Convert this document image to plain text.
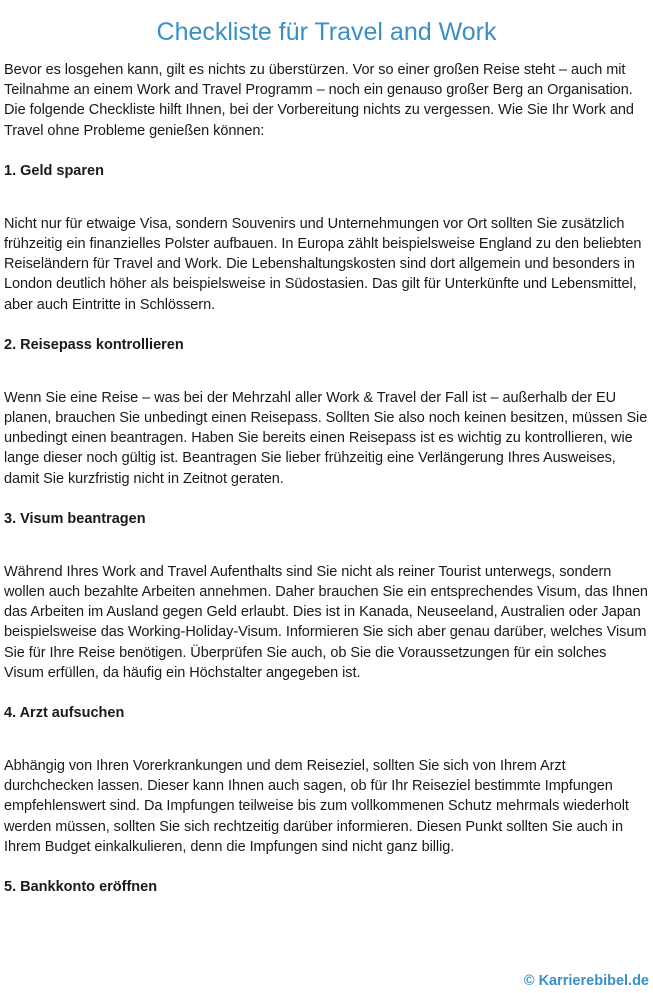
Checkliste für Travel and Work

Bevor es losgehen kann, gilt es nichts zu überstürzen. Vor so einer großen Reise steht – auch mit Teilnahme an einem Work and Travel Programm – noch ein genauso großer Berg an Organisation. Die folgende Checkliste hilft Ihnen, bei der Vorbereitung nichts zu vergessen. Wie Sie Ihr Work and Travel ohne Probleme genießen können:

1. Geld sparen

Nicht nur für etwaige Visa, sondern Souvenirs und Unternehmungen vor Ort sollten Sie zusätzlich frühzeitig ein finanzielles Polster aufbauen. In Europa zählt beispielsweise England zu den beliebten Reiseländern für Travel and Work. Die Lebenshaltungskosten sind dort allgemein und besonders in London deutlich höher als beispielsweise in Südostasien. Das gilt für Unterkünfte und Lebensmittel, aber auch Eintritte in Schlössern.

2. Reisepass kontrollieren

Wenn Sie eine Reise – was bei der Mehrzahl aller Work & Travel der Fall ist – außerhalb der EU planen, brauchen Sie unbedingt einen Reisepass. Sollten Sie also noch keinen besitzen, müssen Sie unbedingt einen beantragen. Haben Sie bereits einen Reisepass ist es wichtig zu kontrollieren, wie lange dieser noch gültig ist. Beantragen Sie lieber frühzeitig eine Verlängerung Ihres Ausweises, damit Sie kurzfristig nicht in Zeitnot geraten.

3. Visum beantragen

Während Ihres Work and Travel Aufenthalts sind Sie nicht als reiner Tourist unterwegs, sondern wollen auch bezahlte Arbeiten annehmen. Daher brauchen Sie ein entsprechendes Visum, das Ihnen das Arbeiten im Ausland gegen Geld erlaubt. Dies ist in Kanada, Neuseeland, Australien oder Japan beispielsweise das Working-Holiday-Visum. Informieren Sie sich aber genau darüber, welches Visum Sie für Ihre Reise benötigen. Überprüfen Sie auch, ob Sie die Voraussetzungen für ein solches Visum erfüllen, da häufig ein Höchstalter angegeben ist.

4. Arzt aufsuchen

Abhängig von Ihren Vorerkrankungen und dem Reiseziel, sollten Sie sich von Ihrem Arzt durchchecken lassen. Dieser kann Ihnen auch sagen, ob für Ihr Reiseziel bestimmte Impfungen empfehlenswert sind. Da Impfungen teilweise bis zum vollkommenen Schutz mehrmals wiederholt werden müssen, sollten Sie sich rechtzeitig darüber informieren. Diesen Punkt sollten Sie auch in Ihrem Budget einkalkulieren, denn die Impfungen sind nicht ganz billig.

5. Bankkonto eröffnen
© Karrierebibel.de
